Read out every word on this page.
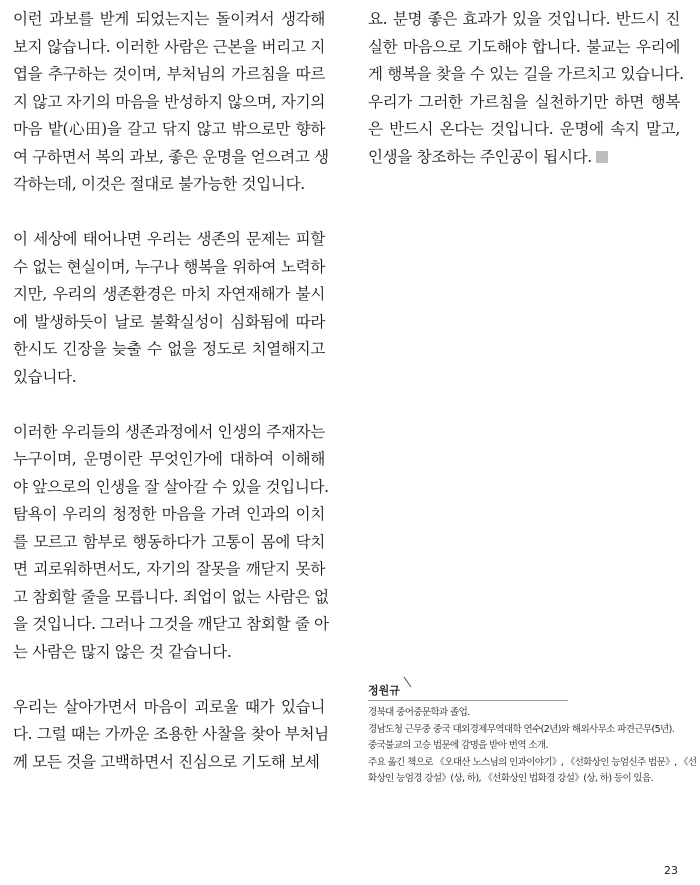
이런 과보를 받게 되었는지는 돌이켜서 생각해
보지 않습니다. 이러한 사람은 근본을 버리고 지
엽을 추구하는 것이며, 부처님의 가르침을 따르
지 않고 자기의 마음을 반성하지 않으며, 자기의
마음 밭(心田)을 갈고 닦지 않고 밖으로만 향하
여 구하면서 복의 과보, 좋은 운명을 얻으려고 생
각하는데, 이것은 절대로 불가능한 것입니다.
이 세상에 태어나면 우리는 생존의 문제는 피할
수 없는 현실이며, 누구나 행복을 위하여 노력하
지만, 우리의 생존환경은 마치 자연재해가 불시
에 발생하듯이 날로 불확실성이 심화됨에 따라
한시도 긴장을 늦출 수 없을 정도로 치열해지고
있습니다.
이러한 우리들의 생존과정에서 인생의 주재자는
누구이며, 운명이란 무엇인가에 대하여 이해해
야 앞으로의 인생을 잘 살아갈 수 있을 것입니다.
탐욕이 우리의 청정한 마음을 가려 인과의 이치
를 모르고 함부로 행동하다가 고통이 몸에 닥치
면 괴로워하면서도, 자기의 잘못을 깨닫지 못하
고 참회할 줄을 모릅니다. 죄업이 없는 사람은 없
을 것입니다. 그러나 그것을 깨닫고 참회할 줄 아
는 사람은 많지 않은 것 같습니다.
우리는 살아가면서 마음이 괴로울 때가 있습니
다. 그럴 때는 가까운 조용한 사찰을 찾아 부처님
께 모든 것을 고백하면서 진심으로 기도해 보세
요. 분명 좋은 효과가 있을 것입니다. 반드시 진
실한 마음으로 기도해야 합니다. 불교는 우리에
게 행복을 찾을 수 있는 길을 가르치고 있습니다.
우리가 그러한 가르침을 실천하기만 하면 행복
은 반드시 온다는 것입니다. 운명에 속지 말고,
인생을 창조하는 주인공이 됩시다.
정원규
경북대 중어중문학과 졸업.
경남도청 근무중 중국 대외경제무역대학 연수(2년)와 해외사무소 파견근무(5년).
중국불교의 고승 법문에 감명을 받아 번역 소개.
주요 옮긴 책으로 《오대산 노스님의 인과이야기》, 《선화상인 능엄신주 법문》, 《선
화상인 능엄경 강설》(상, 하), 《선화상인 법화경 강설》(상, 하) 등이 있음.
23
